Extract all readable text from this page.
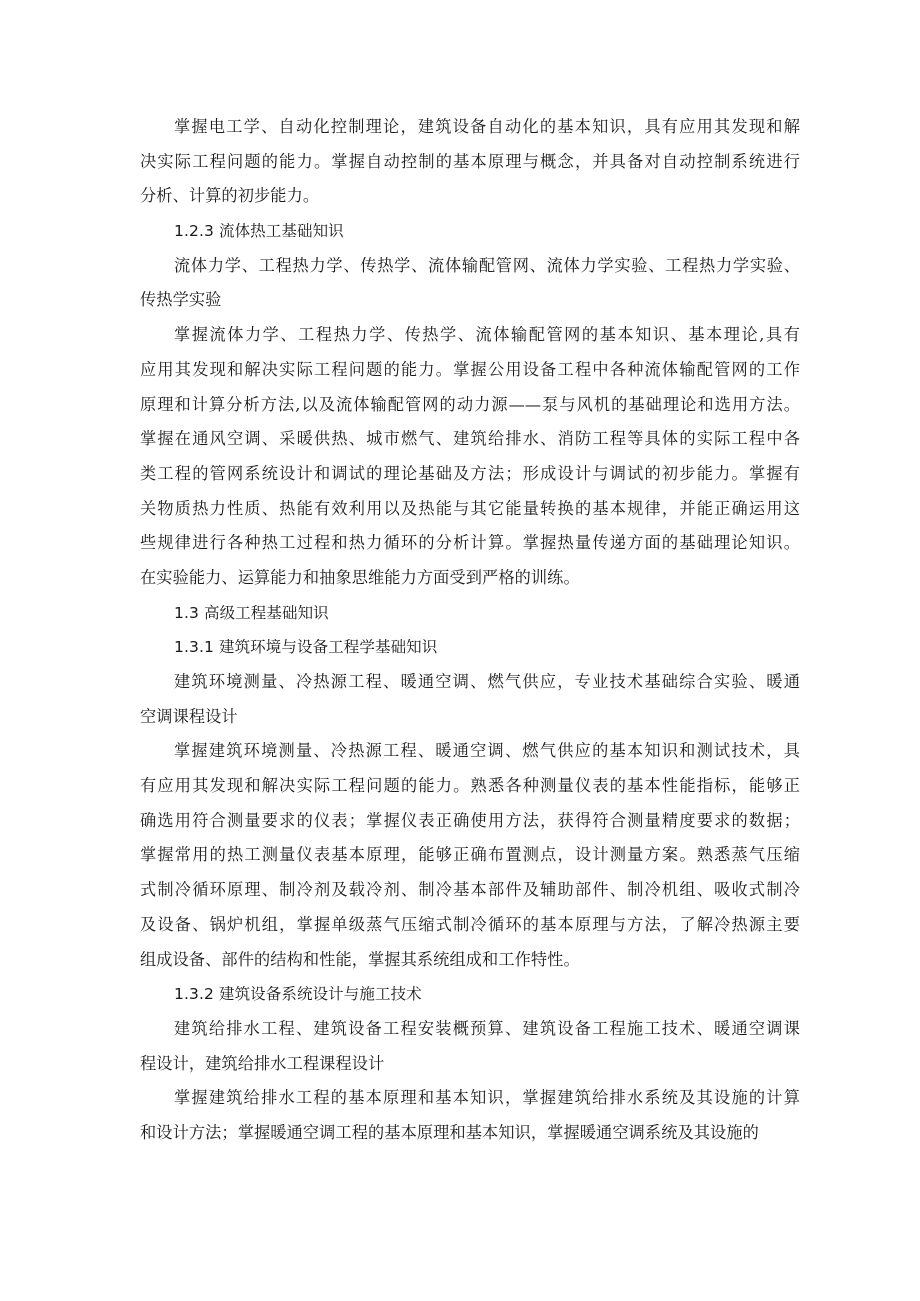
掌握电工学、自动化控制理论，建筑设备自动化的基本知识，具有应用其发现和解
决实际工程问题的能力。掌握自动控制的基本原理与概念，并具备对自动控制系统进行
分析、计算的初步能力。
1.2.3 流体热工基础知识
流体力学、工程热力学、传热学、流体输配管网、流体力学实验、工程热力学实验、
传热学实验
掌握流体力学、工程热力学、传热学、流体输配管网的基本知识、基本理论,具有
应用其发现和解决实际工程问题的能力。掌握公用设备工程中各种流体输配管网的工作
原理和计算分析方法,以及流体输配管网的动力源——泵与风机的基础理论和选用方法。
掌握在通风空调、采暖供热、城市燃气、建筑给排水、消防工程等具体的实际工程中各
类工程的管网系统设计和调试的理论基础及方法；形成设计与调试的初步能力。掌握有
关物质热力性质、热能有效利用以及热能与其它能量转换的基本规律，并能正确运用这
些规律进行各种热工过程和热力循环的分析计算。掌握热量传递方面的基础理论知识。
在实验能力、运算能力和抽象思维能力方面受到严格的训练。
1.3 高级工程基础知识
1.3.1 建筑环境与设备工程学基础知识
建筑环境测量、冷热源工程、暖通空调、燃气供应，专业技术基础综合实验、暖通
空调课程设计
掌握建筑环境测量、冷热源工程、暖通空调、燃气供应的基本知识和测试技术，具
有应用其发现和解决实际工程问题的能力。熟悉各种测量仪表的基本性能指标，能够正
确选用符合测量要求的仪表；掌握仪表正确使用方法，获得符合测量精度要求的数据；
掌握常用的热工测量仪表基本原理，能够正确布置测点，设计测量方案。熟悉蒸气压缩
式制冷循环原理、制冷剂及载冷剂、制冷基本部件及辅助部件、制冷机组、吸收式制冷
及设备、锅炉机组，掌握单级蒸气压缩式制冷循环的基本原理与方法，了解冷热源主要
组成设备、部件的结构和性能，掌握其系统组成和工作特性。
1.3.2 建筑设备系统设计与施工技术
建筑给排水工程、建筑设备工程安装概预算、建筑设备工程施工技术、暖通空调课
程设计，建筑给排水工程课程设计
掌握建筑给排水工程的基本原理和基本知识，掌握建筑给排水系统及其设施的计算
和设计方法；掌握暖通空调工程的基本原理和基本知识，掌握暖通空调系统及其设施的
